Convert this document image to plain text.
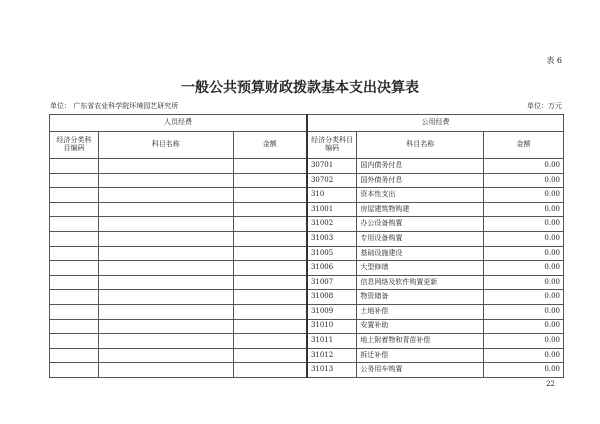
表 6
一般公共预算财政拨款基本支出决算表
单位： 广东省农业科学院环境园艺研究所	单位：万元
人员经费			公用经费		
经济分类科目编码	科目名称	金额	经济分类科目编码	科目名称	金额
			30701	国内债务付息	0.00
			30702	国外债务付息	0.00
			310	资本性支出	0.00
			31001	房屋建筑物购建	0.00
			31002	办公设备购置	0.00
			31003	专用设备购置	0.00
			31005	基础设施建设	0.00
			31006	大型修缮	0.00
			31007	信息网络及软件购置更新	0.00
			31008	物资储备	0.00
			31009	土地补偿	0.00
			31010	安置补助	0.00
			31011	地上附着物和青苗补偿	0.00
			31012	拆迁补偿	0.00
			31013	公务用车购置	0.00
22
